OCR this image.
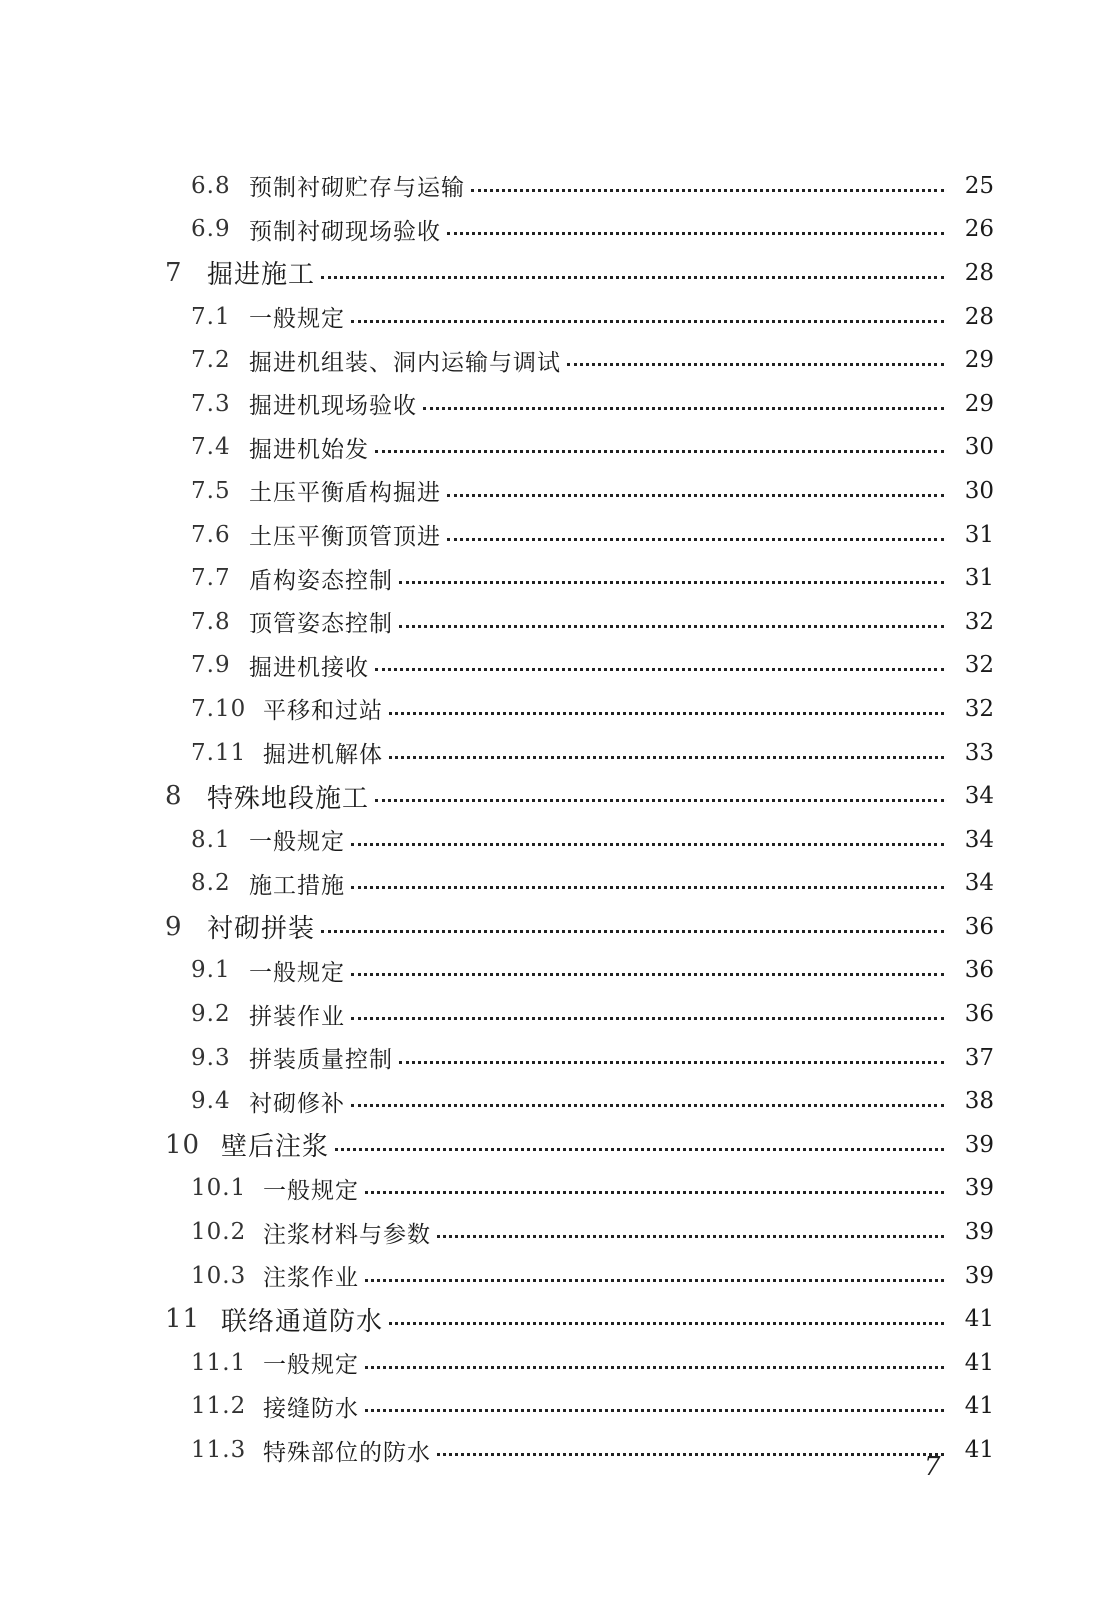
6.8 预制衬砌贮存与运输	25
6.9 预制衬砌现场验收	26
7 掘进施工	28
7.1 一般规定	28
7.2 掘进机组装、洞内运输与调试	29
7.3 掘进机现场验收	29
7.4 掘进机始发	30
7.5 土压平衡盾构掘进	30
7.6 土压平衡顶管顶进	31
7.7 盾构姿态控制	31
7.8 顶管姿态控制	32
7.9 掘进机接收	32
7.10 平移和过站	32
7.11 掘进机解体	33
8 特殊地段施工	34
8.1 一般规定	34
8.2 施工措施	34
9 衬砌拼装	36
9.1 一般规定	36
9.2 拼装作业	36
9.3 拼装质量控制	37
9.4 衬砌修补	38
10 壁后注浆	39
10.1 一般规定	39
10.2 注浆材料与参数	39
10.3 注浆作业	39
11 联络通道防水	41
11.1 一般规定	41
11.2 接缝防水	41
11.3 特殊部位的防水	41
7
